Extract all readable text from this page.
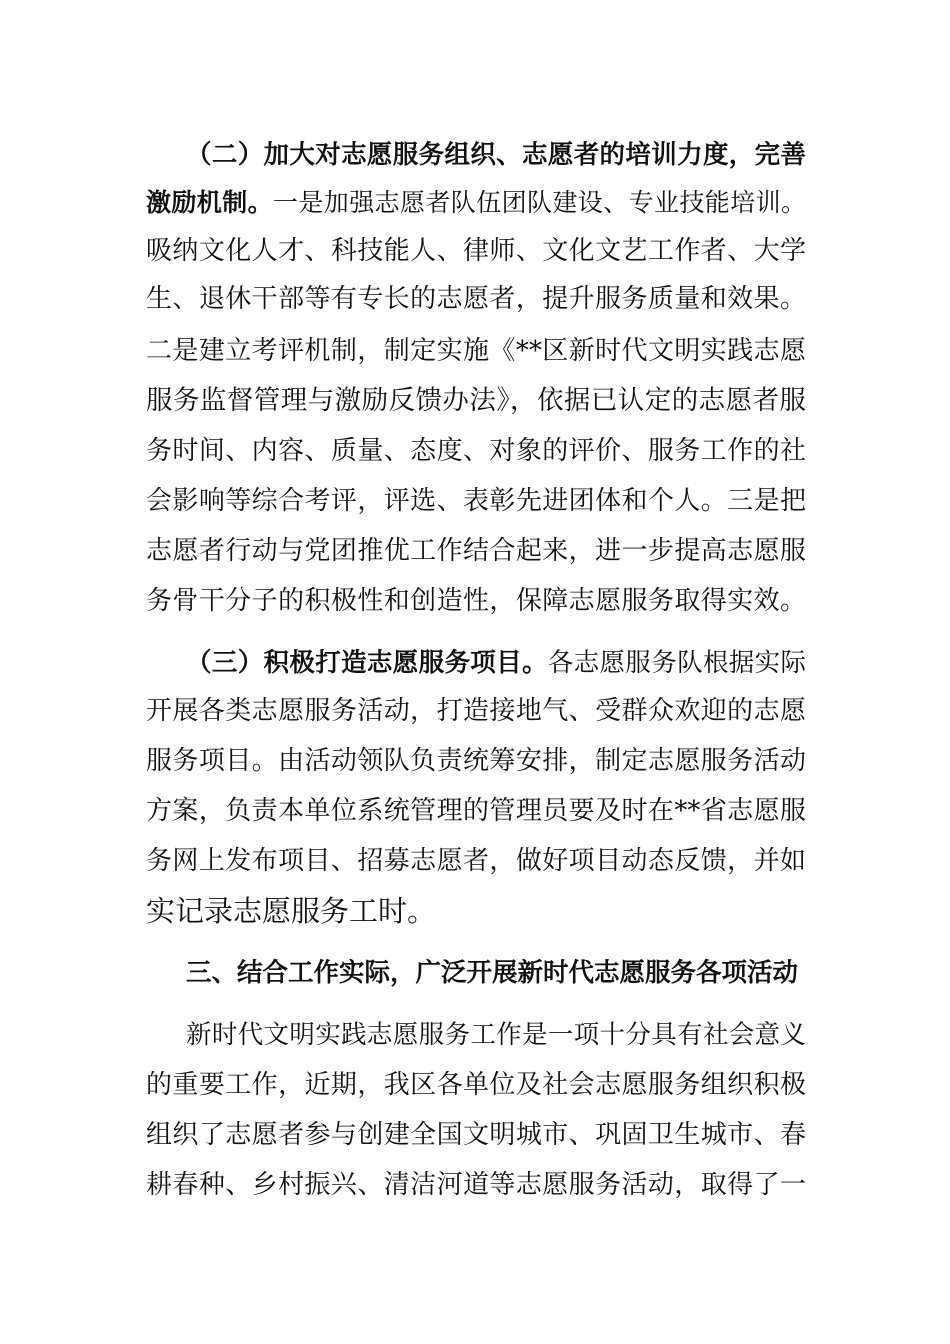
（二）加大对志愿服务组织、志愿者的培训力度，完善
激励机制。一是加强志愿者队伍团队建设、专业技能培训。
吸纳文化人才、科技能人、律师、文化文艺工作者、大学
生、退休干部等有专长的志愿者，提升服务质量和效果。
二是建立考评机制，制定实施《**区新时代文明实践志愿
服务监督管理与激励反馈办法》，依据已认定的志愿者服
务时间、内容、质量、态度、对象的评价、服务工作的社
会影响等综合考评，评选、表彰先进团体和个人。三是把
志愿者行动与党团推优工作结合起来，进一步提高志愿服
务骨干分子的积极性和创造性，保障志愿服务取得实效。
（三）积极打造志愿服务项目。各志愿服务队根据实际
开展各类志愿服务活动，打造接地气、受群众欢迎的志愿
服务项目。由活动领队负责统筹安排，制定志愿服务活动
方案，负责本单位系统管理的管理员要及时在**省志愿服
务网上发布项目、招募志愿者，做好项目动态反馈，并如
实记录志愿服务工时。
三、结合工作实际，广泛开展新时代志愿服务各项活动
新时代文明实践志愿服务工作是一项十分具有社会意义
的重要工作，近期，我区各单位及社会志愿服务组织积极
组织了志愿者参与创建全国文明城市、巩固卫生城市、春
耕春种、乡村振兴、清洁河道等志愿服务活动，取得了一
